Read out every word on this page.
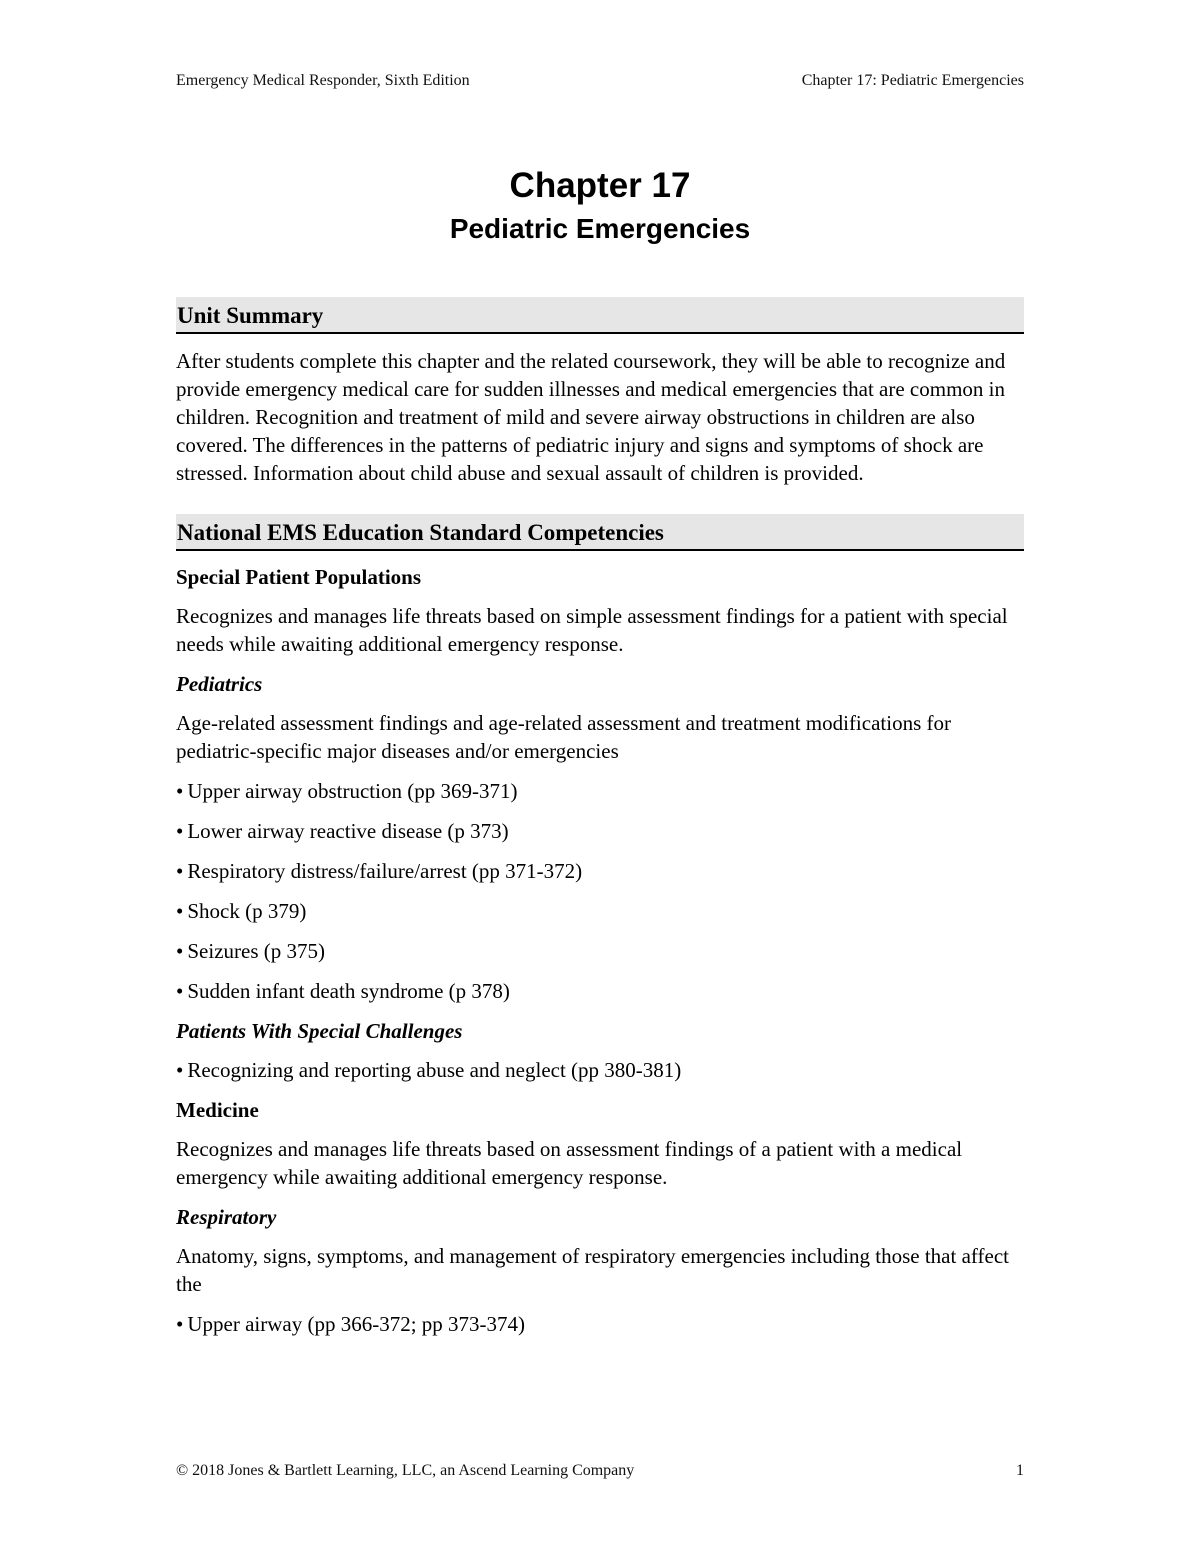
Emergency Medical Responder, Sixth Edition	Chapter 17: Pediatric Emergencies
Chapter 17
Pediatric Emergencies
Unit Summary

After students complete this chapter and the related coursework, they will be able to recognize and provide emergency medical care for sudden illnesses and medical emergencies that are common in children. Recognition and treatment of mild and severe airway obstructions in children are also covered. The differences in the patterns of pediatric injury and signs and symptoms of shock are stressed. Information about child abuse and sexual assault of children is provided.

National EMS Education Standard Competencies
Special Patient Populations

Recognizes and manages life threats based on simple assessment findings for a patient with special needs while awaiting additional emergency response.

Pediatrics

Age-related assessment findings and age-related assessment and treatment modifications for pediatric-specific major diseases and/or emergencies

• Upper airway obstruction (pp 369-371)
• Lower airway reactive disease (p 373)
• Respiratory distress/failure/arrest (pp 371-372)
• Shock (p 379)
• Seizures (p 375)
• Sudden infant death syndrome (p 378)
Patients With Special Challenges
• Recognizing and reporting abuse and neglect (pp 380-381)
Medicine

Recognizes and manages life threats based on assessment findings of a patient with a medical emergency while awaiting additional emergency response.

Respiratory

Anatomy, signs, symptoms, and management of respiratory emergencies including those that affect the

• Upper airway (pp 366-372; pp 373-374)
© 2018 Jones & Bartlett Learning, LLC, an Ascend Learning Company	1
